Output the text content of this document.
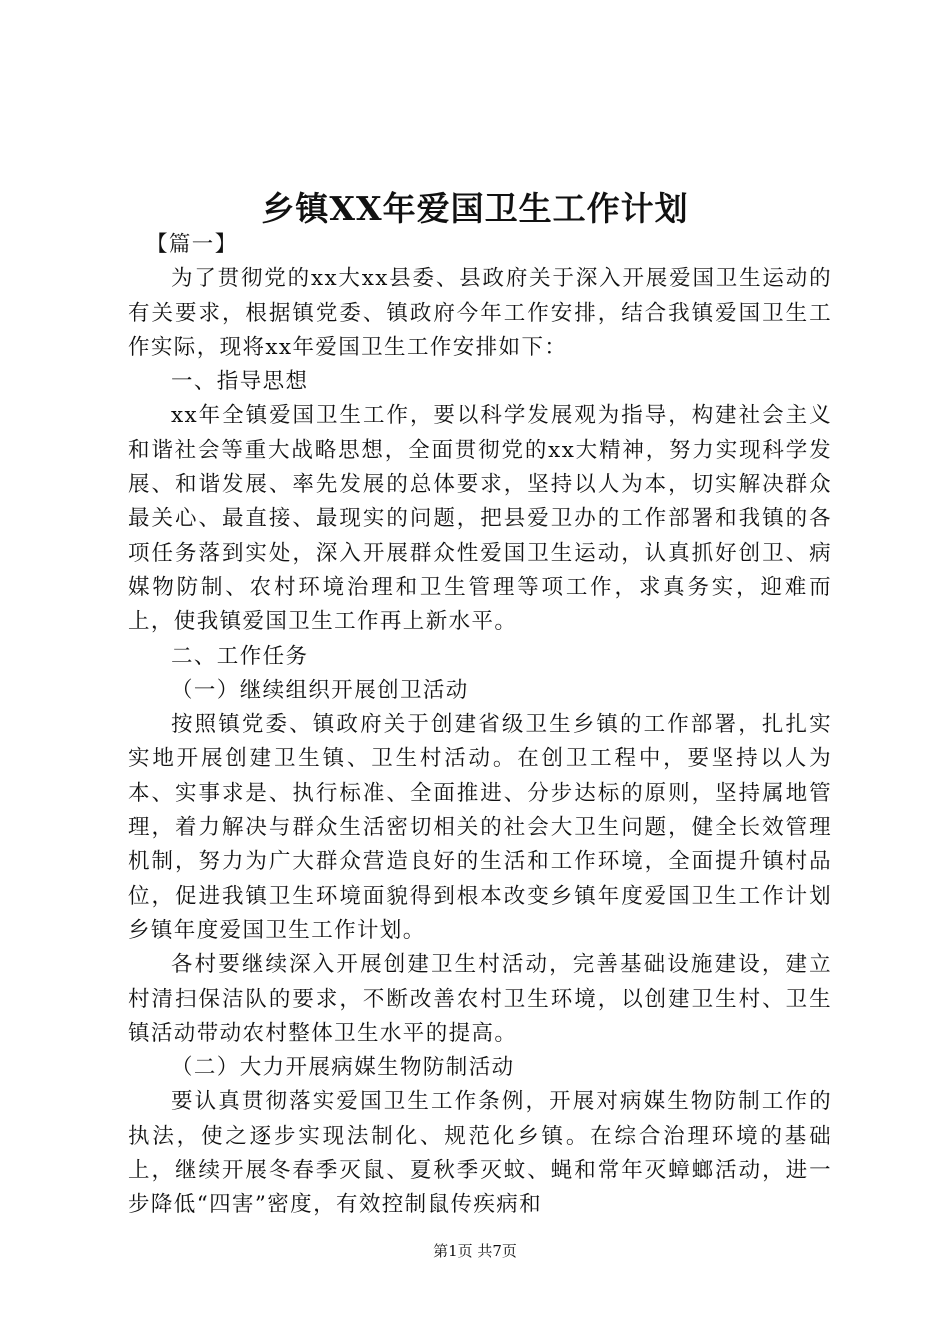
乡镇XX年爱国卫生工作计划

【篇一】

为了贯彻党的xx大xx县委、县政府关于深入开展爱国卫生运动的有关要求，根据镇党委、镇政府今年工作安排，结合我镇爱国卫生工作实际，现将xx年爱国卫生工作安排如下：

一、指导思想

xx年全镇爱国卫生工作，要以科学发展观为指导，构建社会主义和谐社会等重大战略思想，全面贯彻党的xx大精神，努力实现科学发展、和谐发展、率先发展的总体要求，坚持以人为本，切实解决群众最关心、最直接、最现实的问题，把县爱卫办的工作部署和我镇的各项任务落到实处，深入开展群众性爱国卫生运动，认真抓好创卫、病媒物防制、农村环境治理和卫生管理等项工作，求真务实，迎难而上，使我镇爱国卫生工作再上新水平。

二、工作任务

（一）继续组织开展创卫活动

按照镇党委、镇政府关于创建省级卫生乡镇的工作部署，扎扎实实地开展创建卫生镇、卫生村活动。在创卫工程中，要坚持以人为本、实事求是、执行标准、全面推进、分步达标的原则，坚持属地管理，着力解决与群众生活密切相关的社会大卫生问题，健全长效管理机制，努力为广大群众营造良好的生活和工作环境，全面提升镇村品位，促进我镇卫生环境面貌得到根本改变乡镇年度爱国卫生工作计划乡镇年度爱国卫生工作计划。

各村要继续深入开展创建卫生村活动，完善基础设施建设，建立村清扫保洁队的要求，不断改善农村卫生环境，以创建卫生村、卫生镇活动带动农村整体卫生水平的提高。

（二）大力开展病媒生物防制活动

要认真贯彻落实爱国卫生工作条例，开展对病媒生物防制工作的执法，使之逐步实现法制化、规范化乡镇。在综合治理环境的基础上，继续开展冬春季灭鼠、夏秋季灭蚊、蝇和常年灭蟑螂活动，进一步降低“四害”密度，有效控制鼠传疾病和

第1页 共7页
